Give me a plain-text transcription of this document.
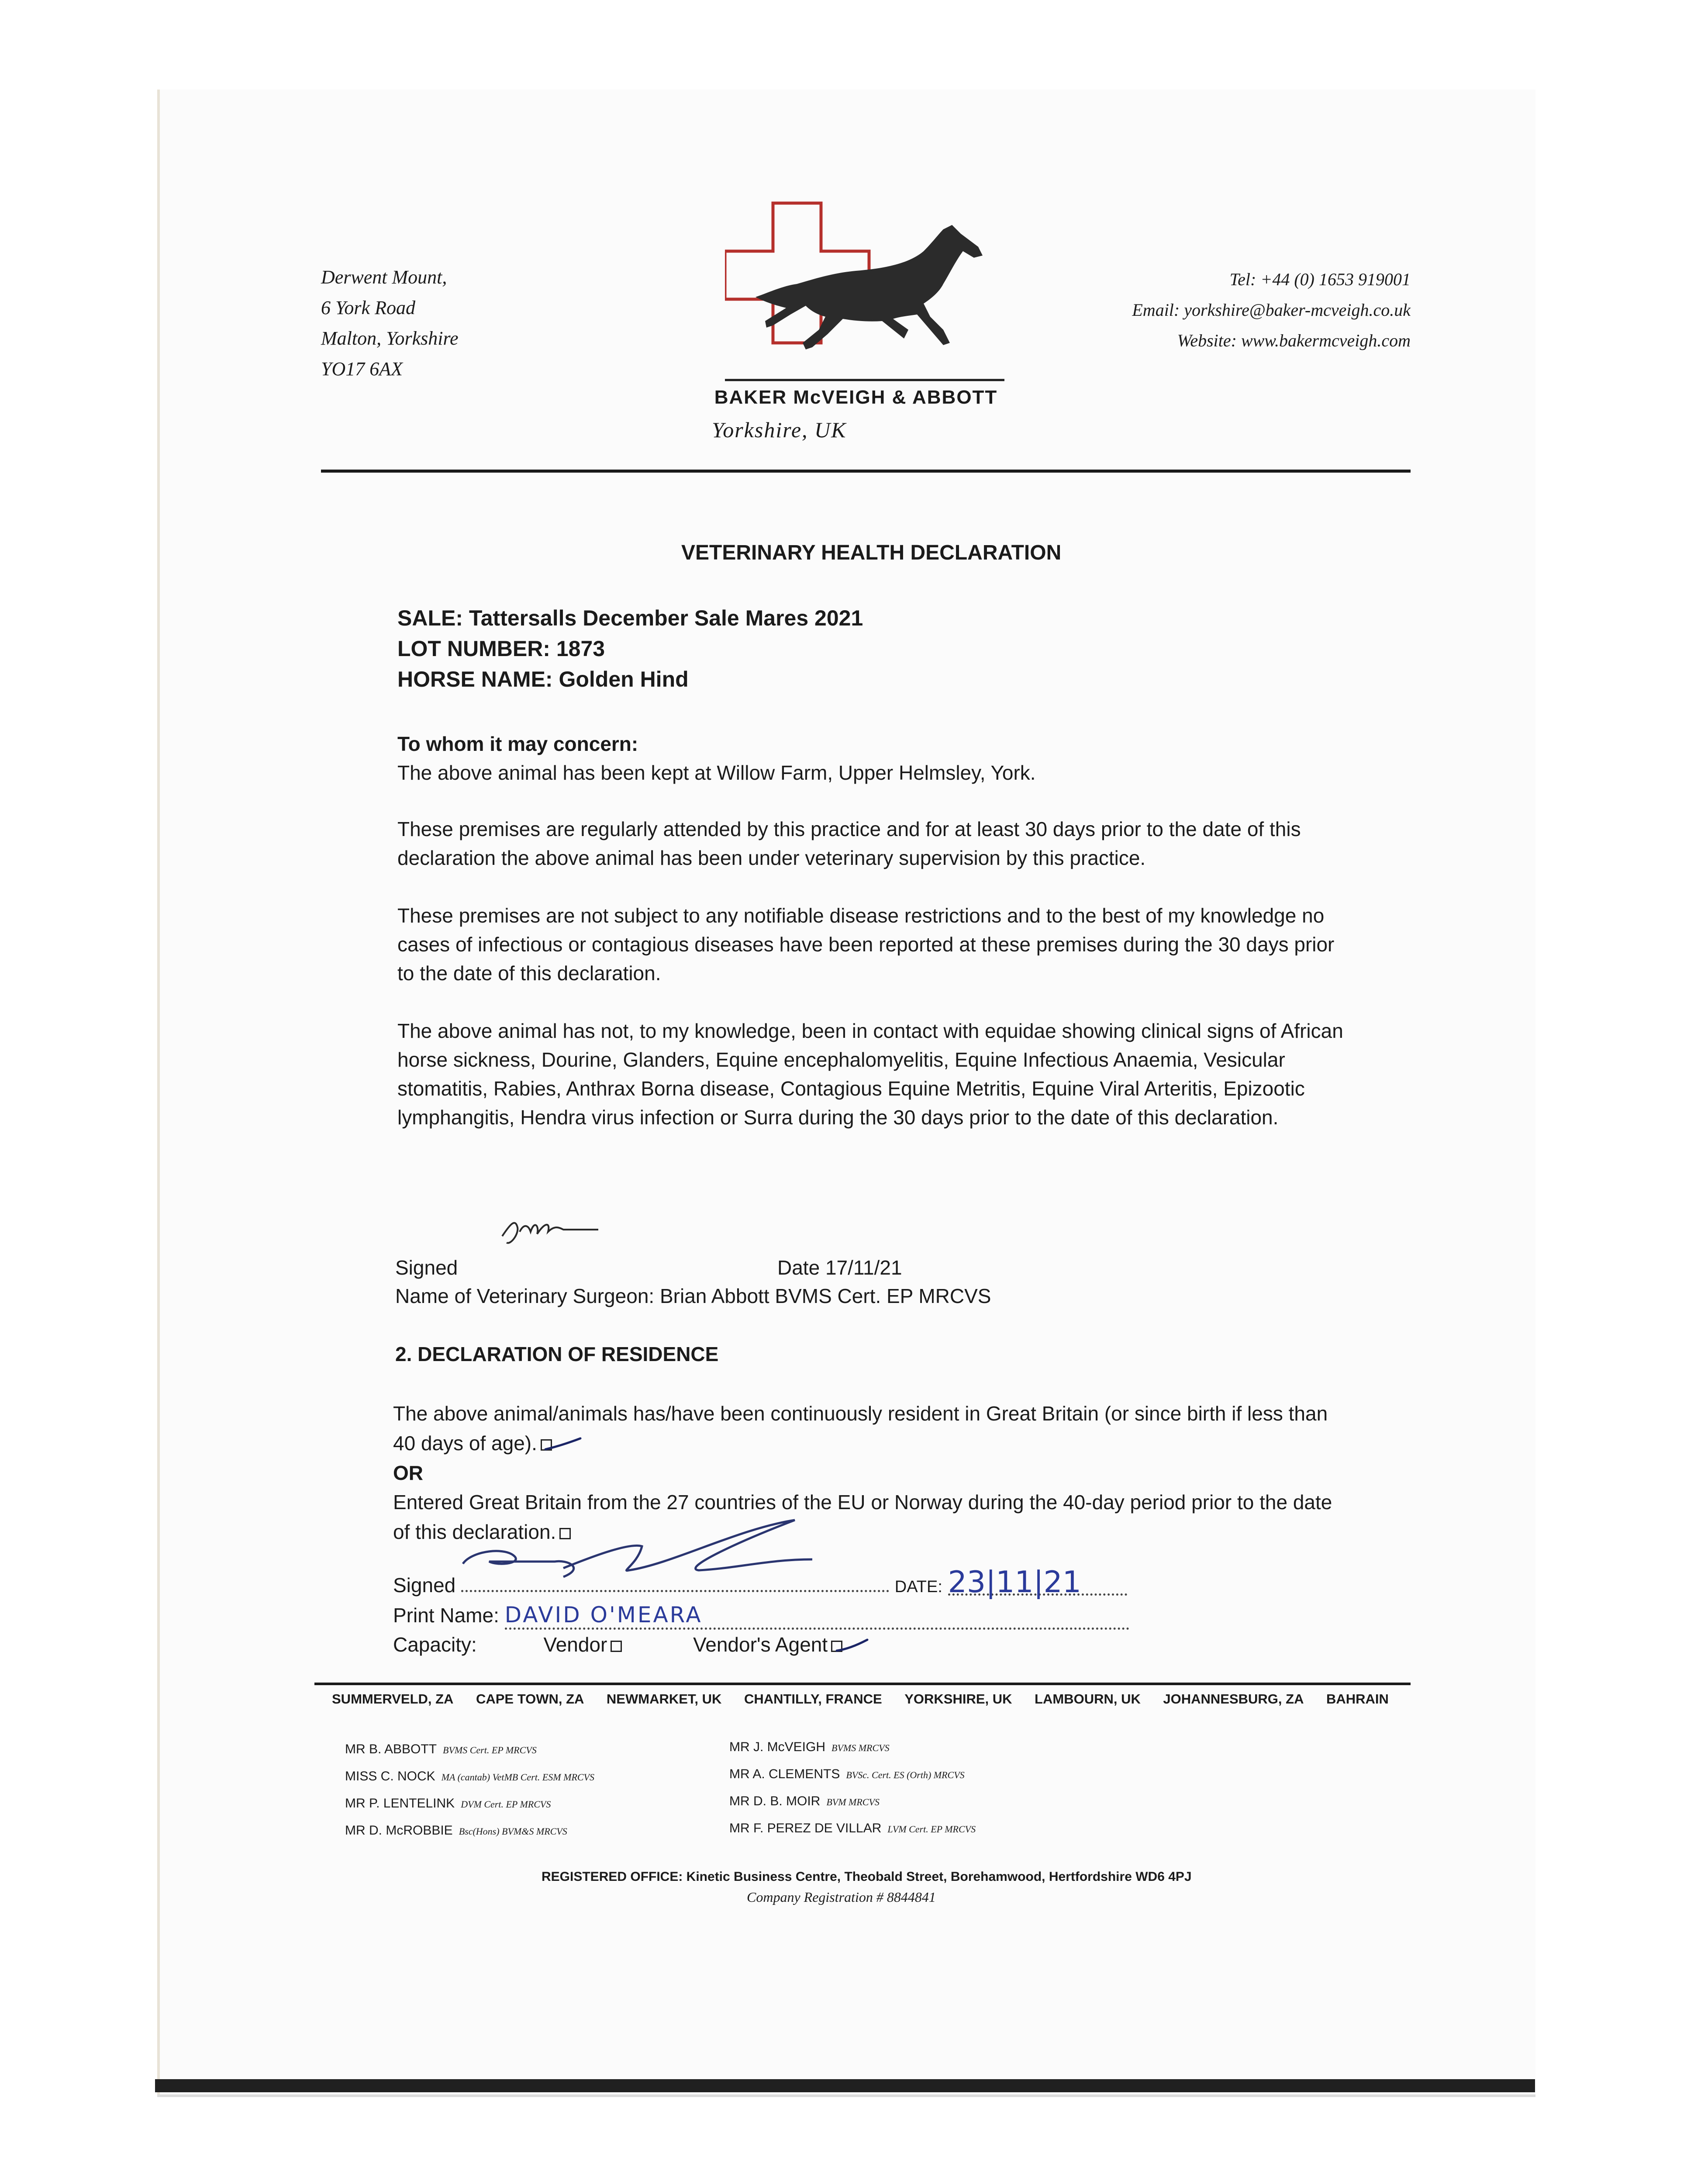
Derwent Mount,
6 York Road
Malton, Yorkshire
YO17 6AX
BAKER McVEIGH & ABBOTT
Yorkshire, UK
Tel: +44 (0) 1653 919001
Email: yorkshire@baker-mcveigh.co.uk
Website: www.bakermcveigh.com
VETERINARY HEALTH DECLARATION
SALE: Tattersalls December Sale Mares 2021
LOT NUMBER: 1873
HORSE NAME: Golden Hind
To whom it may concern:
The above animal has been kept at Willow Farm, Upper Helmsley, York.
These premises are regularly attended by this practice and for at least 30 days prior to the date of this declaration the above animal has been under veterinary supervision by this practice.
These premises are not subject to any notifiable disease restrictions and to the best of my knowledge no cases of infectious or contagious diseases have been reported at these premises during the 30 days prior to the date of this declaration.
The above animal has not, to my knowledge, been in contact with equidae showing clinical signs of African horse sickness, Dourine, Glanders, Equine encephalomyelitis, Equine Infectious Anaemia, Vesicular stomatitis, Rabies, Anthrax Borna disease, Contagious Equine Metritis, Equine Viral Arteritis, Epizootic lymphangitis, Hendra virus infection or Surra during the 30 days prior to the date of this declaration.
Signed	Date 17/11/21
Name of Veterinary Surgeon: Brian Abbott BVMS Cert. EP MRCVS
2. DECLARATION OF RESIDENCE
The above animal/animals has/have been continuously resident in Great Britain (or since birth if less than 40 days of age).
OR
Entered Great Britain from the 27 countries of the EU or Norway during the 40-day period prior to the date of this declaration.
Signed	DATE: 23|11|21
Print Name: DAVID O'MEARA
Capacity:	Vendor	Vendor's Agent
SUMMERVELD, ZA CAPE TOWN, ZA NEWMARKET, UK CHANTILLY, FRANCE YORKSHIRE, UK LAMBOURN, UK JOHANNESBURG, ZA BAHRAIN
MR B. ABBOTT BVMS Cert. EP MRCVS
MISS C. NOCK MA (cantab) VetMB Cert. ESM MRCVS
MR P. LENTELINK DVM Cert. EP MRCVS
MR D. McROBBIE Bsc(Hons) BVM&S MRCVS
MR J. McVEIGH BVMS MRCVS
MR A. CLEMENTS BVSc. Cert. ES (Orth) MRCVS
MR D. B. MOIR BVM MRCVS
MR F. PEREZ DE VILLAR LVM Cert. EP MRCVS
REGISTERED OFFICE: Kinetic Business Centre, Theobald Street, Borehamwood, Hertfordshire WD6 4PJ
Company Registration # 8844841
